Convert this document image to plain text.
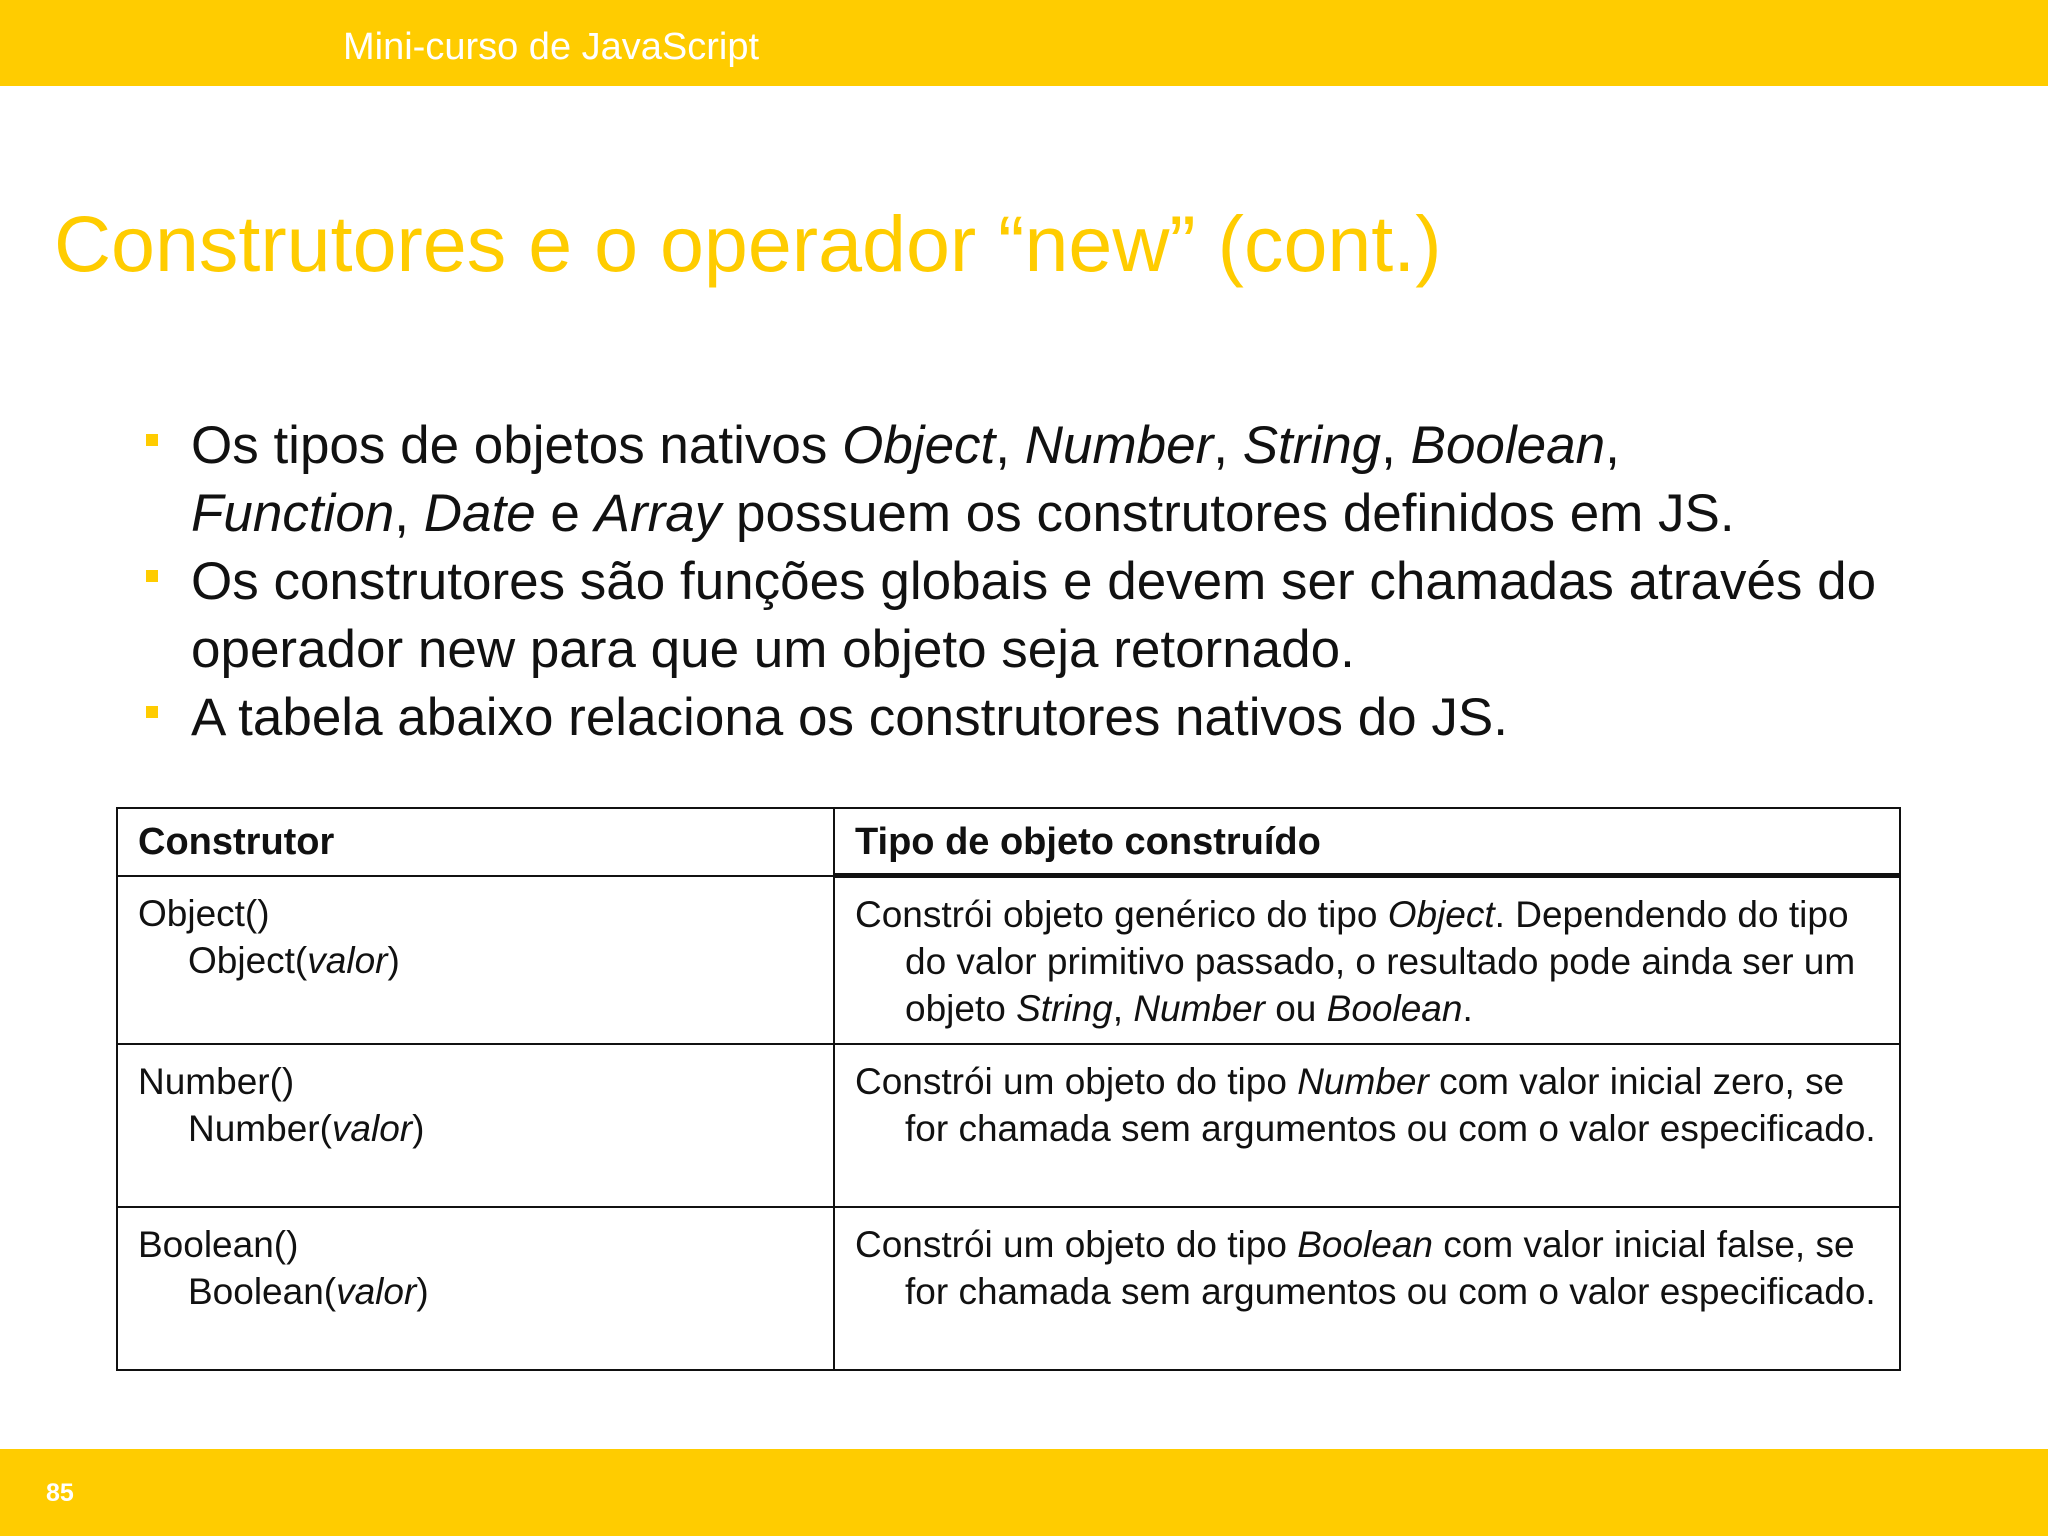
Mini-curso de JavaScript
Construtores e o operador “new” (cont.)
Os tipos de objetos nativos Object, Number, String, Boolean,
Function, Date e Array possuem os construtores definidos em JS.
Os construtores são funções globais e devem ser chamadas através do operador new para que um objeto seja retornado.
A tabela abaixo relaciona os construtores nativos do JS.
Construtor	Tipo de objeto construído

Object()
Object(valor)	Constrói objeto genérico do tipo Object. Dependendo do tipo do valor primitivo passado, o resultado pode ainda ser um objeto String, Number ou Boolean.

Number()
Number(valor)	Constrói um objeto do tipo Number com valor inicial zero, se for chamada sem argumentos ou com o valor especificado.

Boolean()
Boolean(valor)	Constrói um objeto do tipo Boolean com valor inicial false, se for chamada sem argumentos ou com o valor especificado.
85
